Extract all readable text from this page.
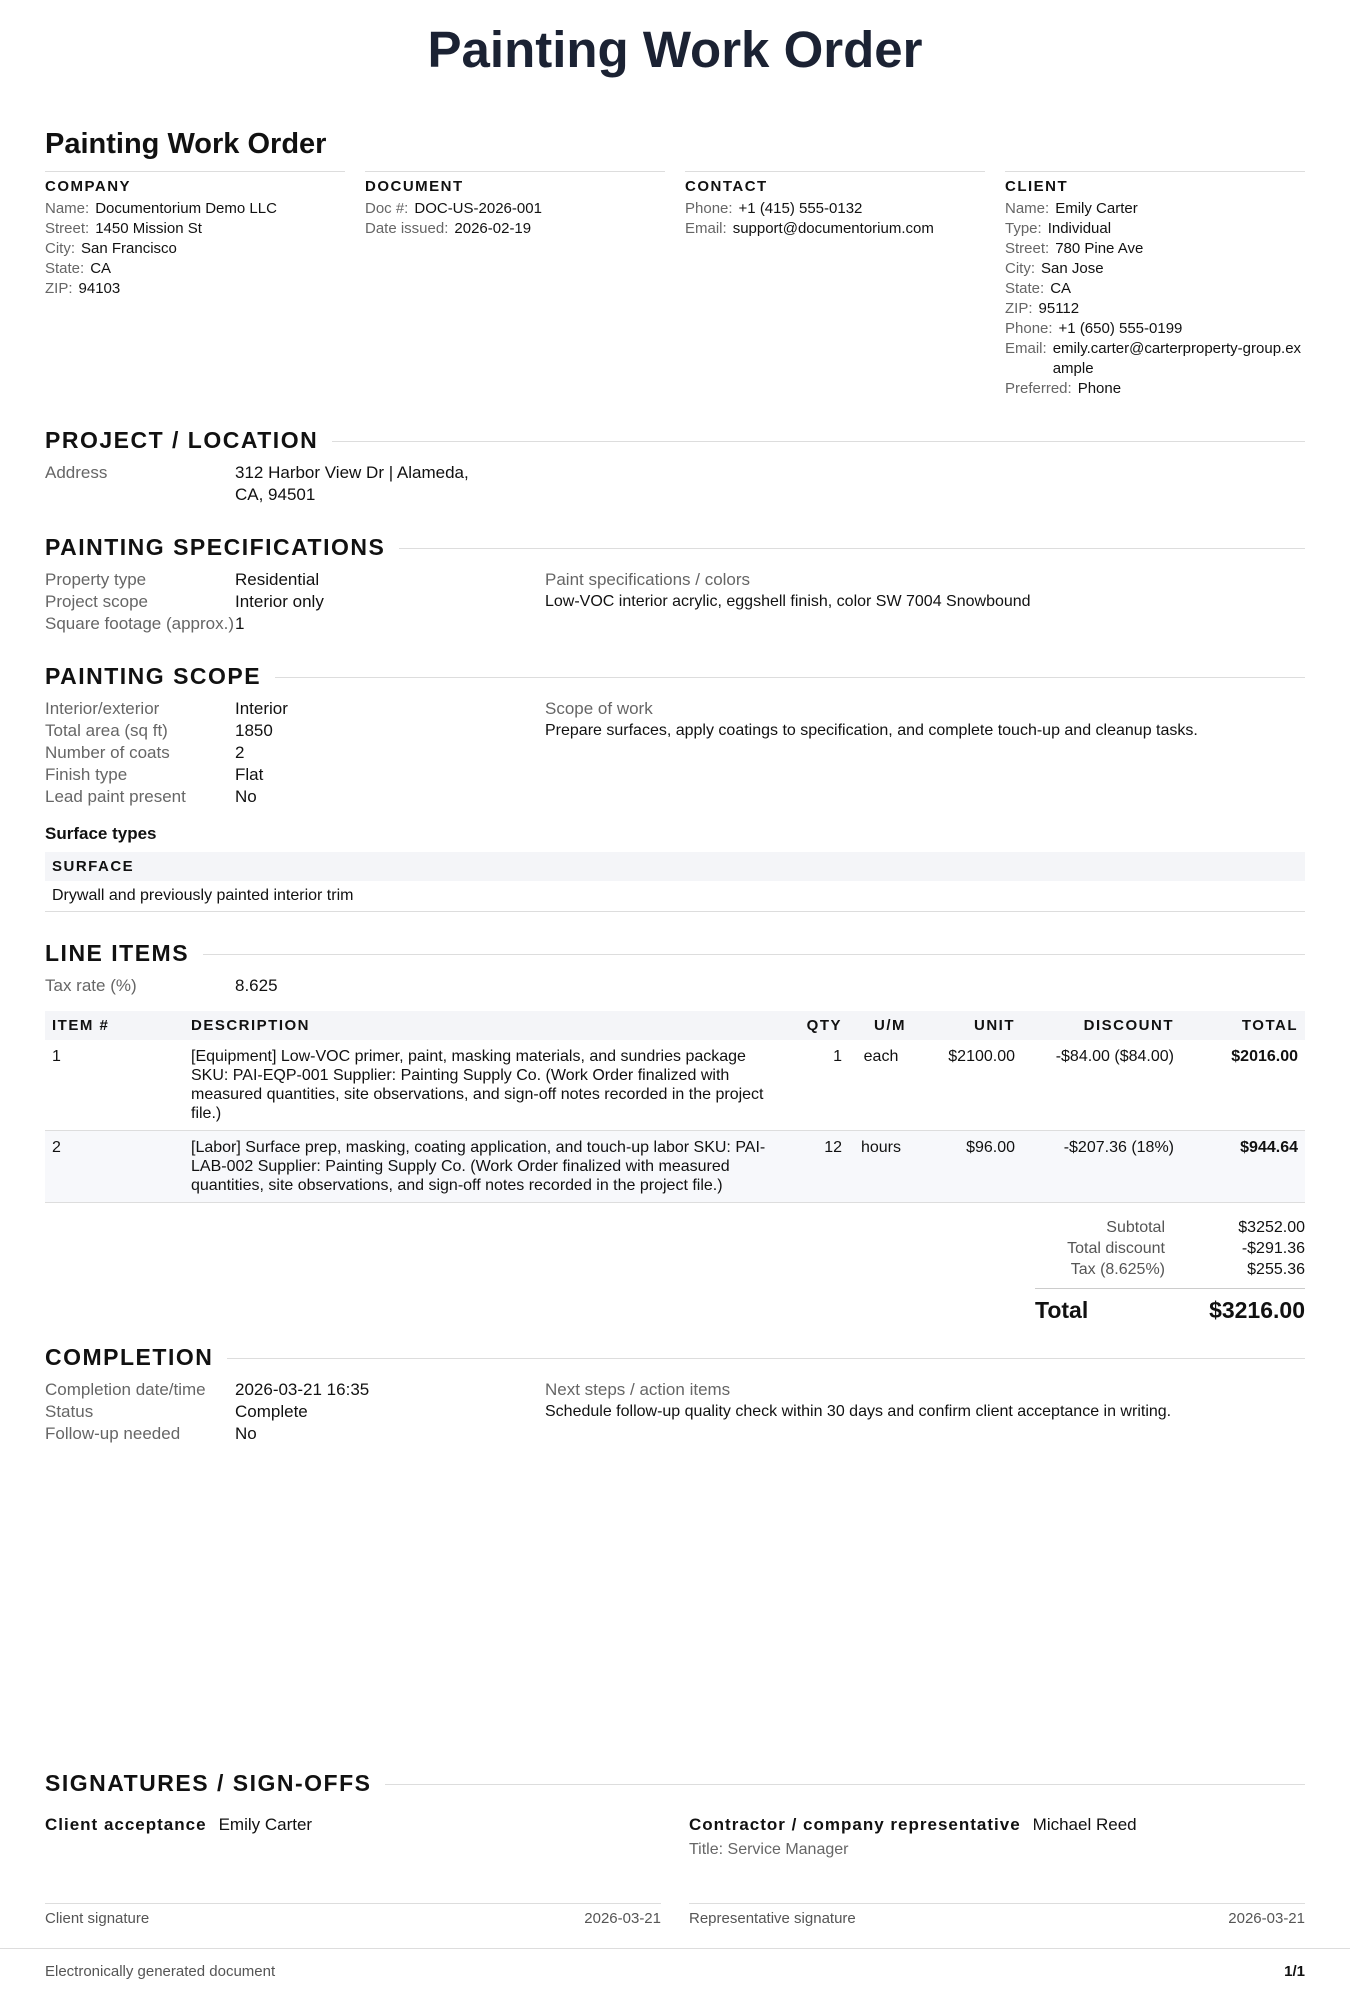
Painting Work Order
Painting Work Order
COMPANY
Name: Documentorium Demo LLC
Street: 1450 Mission St
City: San Francisco
State: CA
ZIP: 94103
DOCUMENT
Doc #: DOC-US-2026-001
Date issued: 2026-02-19
CONTACT
Phone: +1 (415) 555-0132
Email: support@documentorium.com
CLIENT
Name: Emily Carter
Type: Individual
Street: 780 Pine Ave
City: San Jose
State: CA
ZIP: 95112
Phone: +1 (650) 555-0199
Email: emily.carter@carterproperty-group.example
Preferred: Phone
PROJECT / LOCATION
Address	312 Harbor View Dr | Alameda, CA, 94501
PAINTING SPECIFICATIONS
Property type	Residential
Project scope	Interior only
Square footage (approx.) 1
Paint specifications / colors
Low-VOC interior acrylic, eggshell finish, color SW 7004 Snowbound
PAINTING SCOPE
Interior/exterior	Interior
Total area (sq ft)	1850
Number of coats	2
Finish type	Flat
Lead paint present	No
Scope of work
Prepare surfaces, apply coatings to specification, and complete touch-up and cleanup tasks.
Surface types
SURFACE
Drywall and previously painted interior trim
LINE ITEMS
Tax rate (%)	8.625
ITEM #	DESCRIPTION	QTY	U/M	UNIT	DISCOUNT	TOTAL
1	[Equipment] Low-VOC primer, paint, masking materials, and sundries package SKU: PAI-EQP-001 Supplier: Painting Supply Co. (Work Order finalized with measured quantities, site observations, and sign-off notes recorded in the project file.)	1	each	$2100.00	-$84.00 ($84.00)	$2016.00
2	[Labor] Surface prep, masking, coating application, and touch-up labor SKU: PAI-LAB-002 Supplier: Painting Supply Co. (Work Order finalized with measured quantities, site observations, and sign-off notes recorded in the project file.)	12	hours	$96.00	-$207.36 (18%)	$944.64
Subtotal	$3252.00
Total discount	-$291.36
Tax (8.625%)	$255.36
Total	$3216.00
COMPLETION
Completion date/time	2026-03-21 16:35
Status	Complete
Follow-up needed	No
Next steps / action items
Schedule follow-up quality check within 30 days and confirm client acceptance in writing.
SIGNATURES / SIGN-OFFS
Client acceptance Emily Carter
Client signature	2026-03-21
Contractor / company representative Michael Reed
Title: Service Manager
Representative signature	2026-03-21
Electronically generated document	1/1
